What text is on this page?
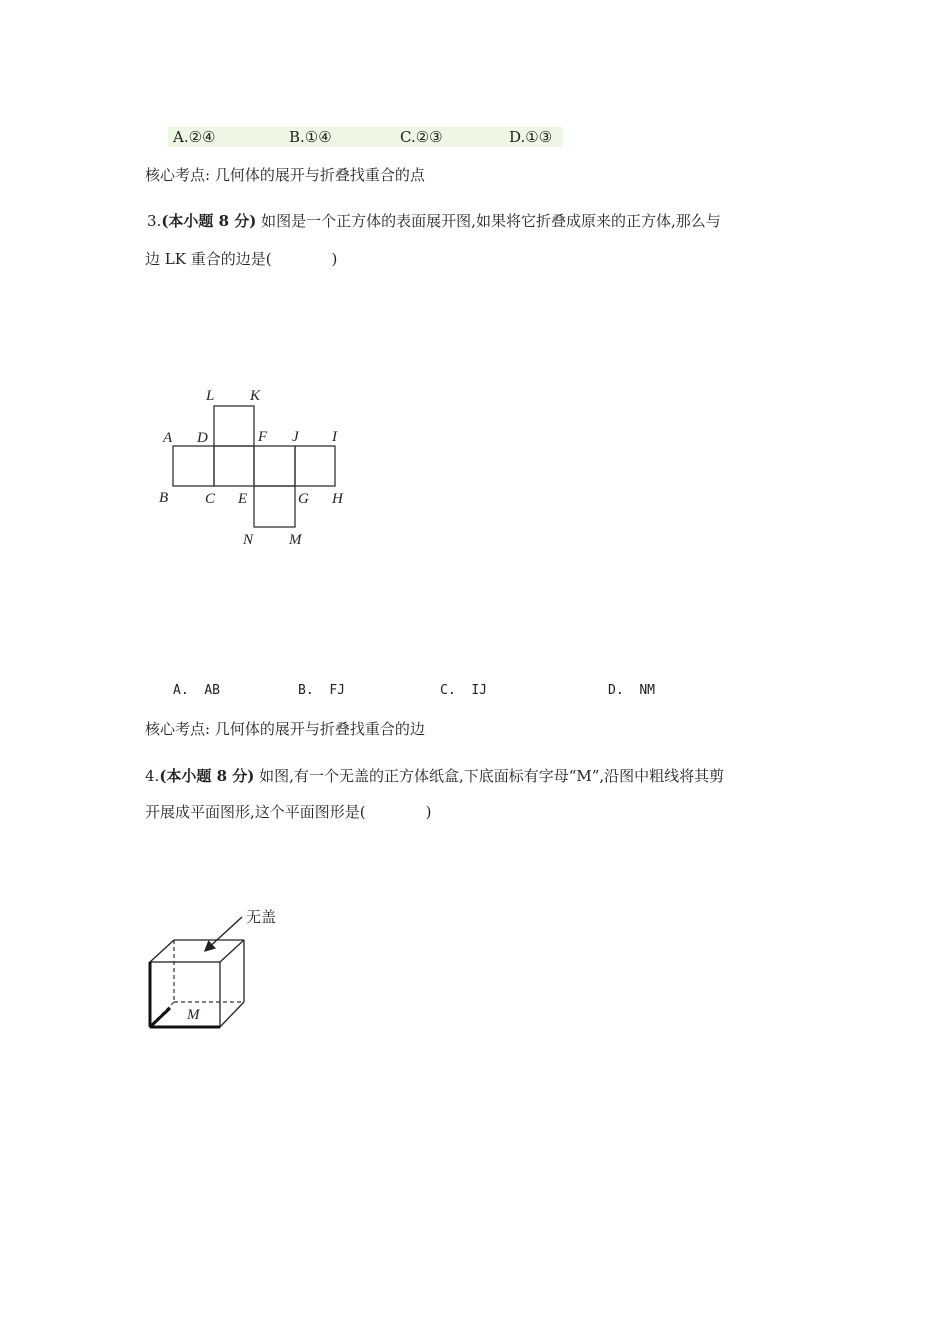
A.②④	B.①④	C.②③	D.①③
核心考点: 几何体的展开与折叠找重合的点
3.(本小题 8 分) 如图是一个正方体的表面展开图,如果将它折叠成原来的正方体,那么与
边 LK 重合的边是(　　　　)
L K
A D	F J I
B C E	G H
N M
A. AB	B. FJ	C. IJ	D. NM
核心考点: 几何体的展开与折叠找重合的边
4.(本小题 8 分) 如图,有一个无盖的正方体纸盒,下底面标有字母“M”,沿图中粗线将其剪
开展成平面图形,这个平面图形是(　　　　)
无盖
M
